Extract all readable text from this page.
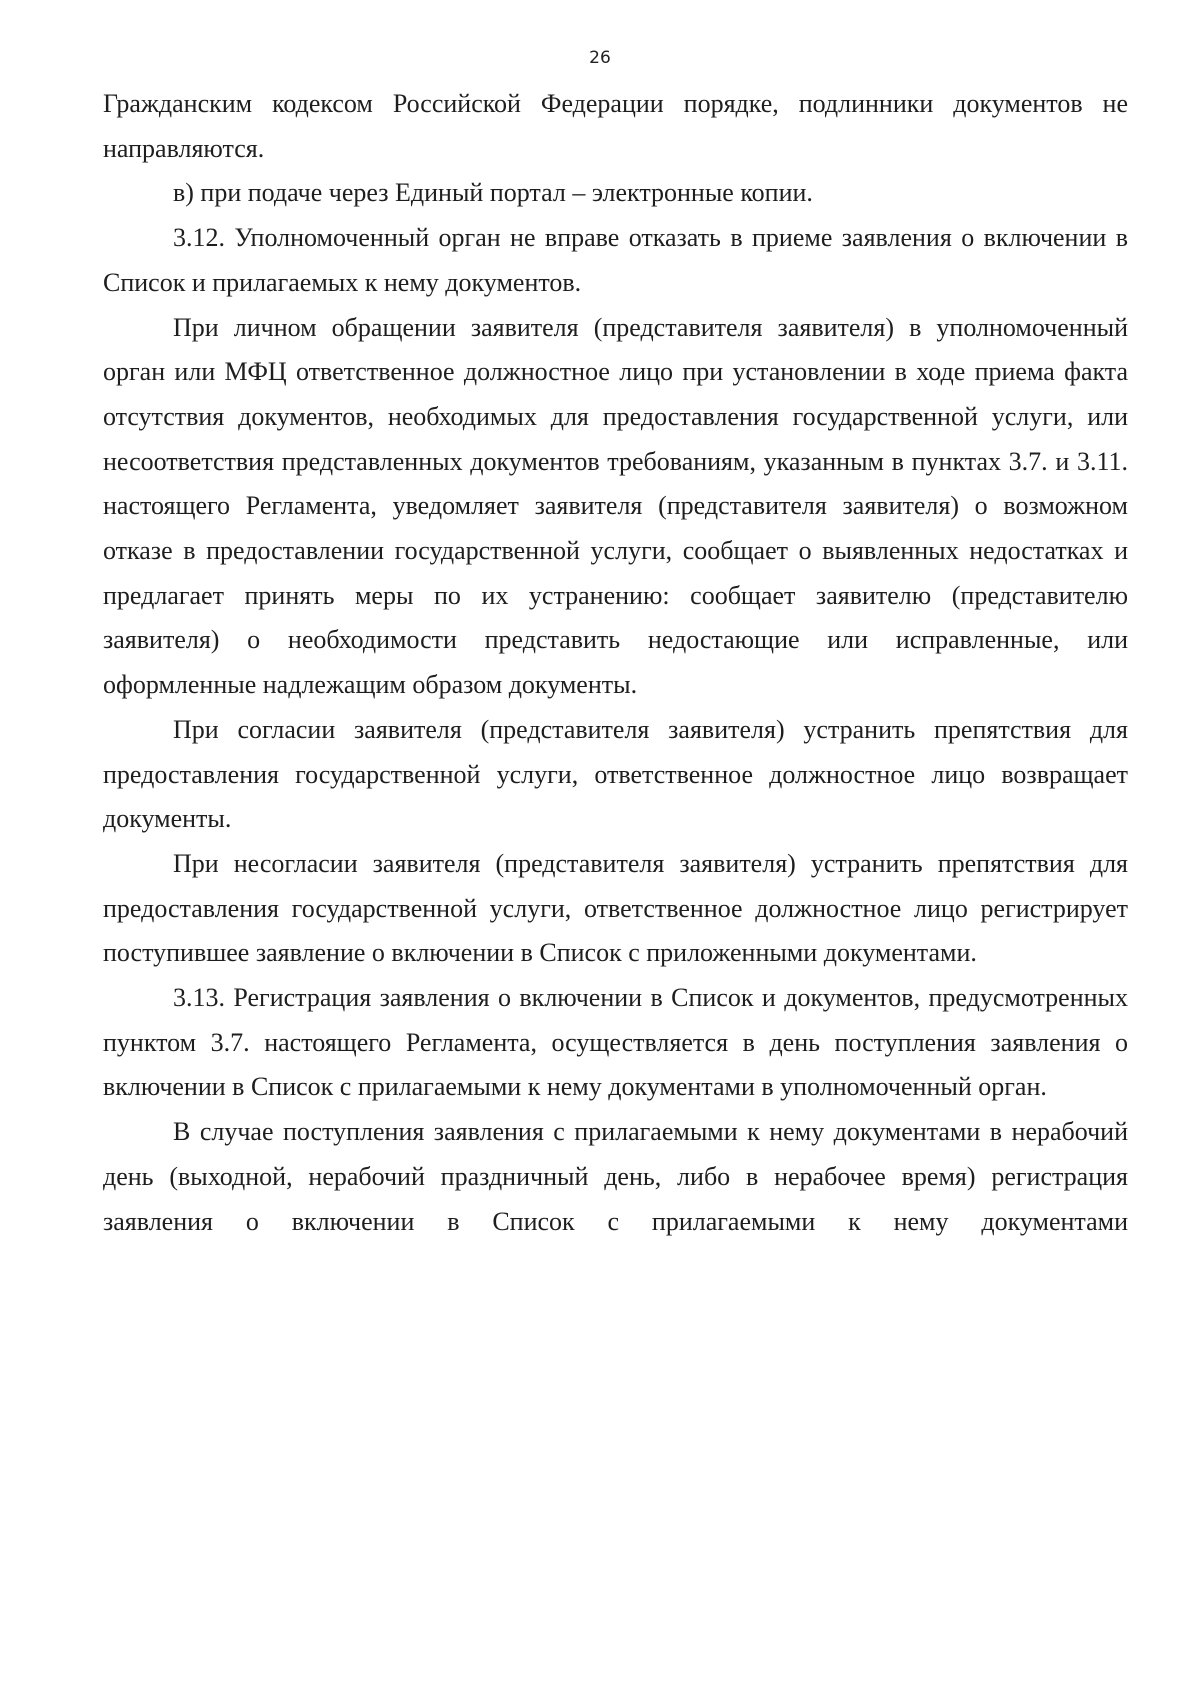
26

Гражданским кодексом Российской Федерации порядке, подлинники документов не направляются.

в) при подаче через Единый портал – электронные копии.

3.12. Уполномоченный орган не вправе отказать в приеме заявления о включении в Список и прилагаемых к нему документов.

При личном обращении заявителя (представителя заявителя) в уполномоченный орган или МФЦ ответственное должностное лицо при установлении в ходе приема факта отсутствия документов, необходимых для предоставления государственной услуги, или несоответствия представленных документов требованиям, указанным в пунктах 3.7. и 3.11. настоящего Регламента, уведомляет заявителя (представителя заявителя) о возможном отказе в предоставлении государственной услуги, сообщает о выявленных недостатках и предлагает принять меры по их устранению: сообщает заявителю (представителю заявителя) о необходимости представить недостающие или исправленные, или оформленные надлежащим образом документы.

При согласии заявителя (представителя заявителя) устранить препятствия для предоставления государственной услуги, ответственное должностное лицо возвращает документы.

При несогласии заявителя (представителя заявителя) устранить препятствия для предоставления государственной услуги, ответственное должностное лицо регистрирует поступившее заявление о включении в Список с приложенными документами.

3.13. Регистрация заявления о включении в Список и документов, предусмотренных пунктом 3.7. настоящего Регламента, осуществляется в день поступления заявления о включении в Список с прилагаемыми к нему документами в уполномоченный орган.

В случае поступления заявления с прилагаемыми к нему документами в нерабочий день (выходной, нерабочий праздничный день, либо в нерабочее время) регистрация заявления о включении в Список с прилагаемыми к нему документами
